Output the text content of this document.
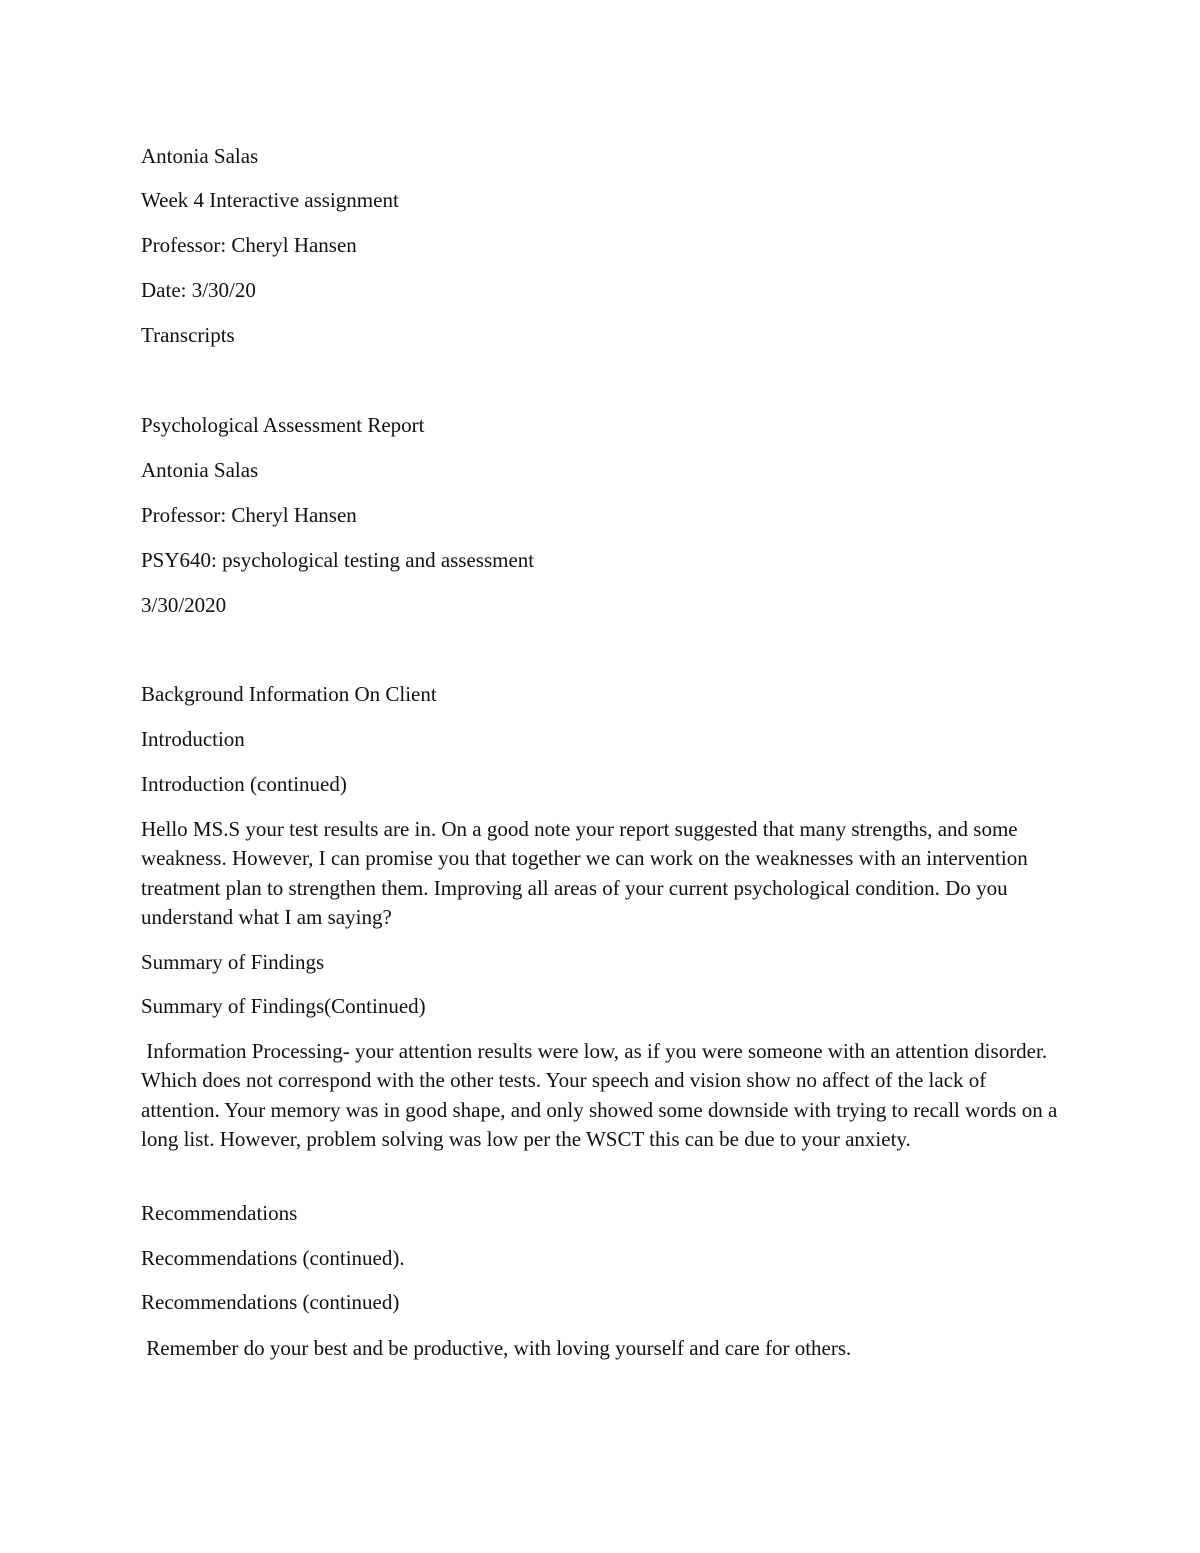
Antonia Salas

Week 4 Interactive assignment

Professor: Cheryl Hansen

Date: 3/30/20

Transcripts

Psychological Assessment Report

Antonia Salas

Professor: Cheryl Hansen

PSY640: psychological testing and assessment

3/30/2020

Background Information On Client

Introduction

Introduction (continued)

Hello MS.S your test results are in. On a good note your report suggested that many strengths, and some weakness. However, I can promise you that together we can work on the weaknesses with an intervention treatment plan to strengthen them. Improving all areas of your current psychological condition. Do you understand what I am saying?

Summary of Findings

Summary of Findings(Continued)

Information Processing- your attention results were low, as if you were someone with an attention disorder. Which does not correspond with the other tests. Your speech and vision show no affect of the lack of attention. Your memory was in good shape, and only showed some downside with trying to recall words on a long list. However, problem solving was low per the WSCT this can be due to your anxiety.

Recommendations

Recommendations (continued).

Recommendations (continued)

Remember do your best and be productive, with loving yourself and care for others.
